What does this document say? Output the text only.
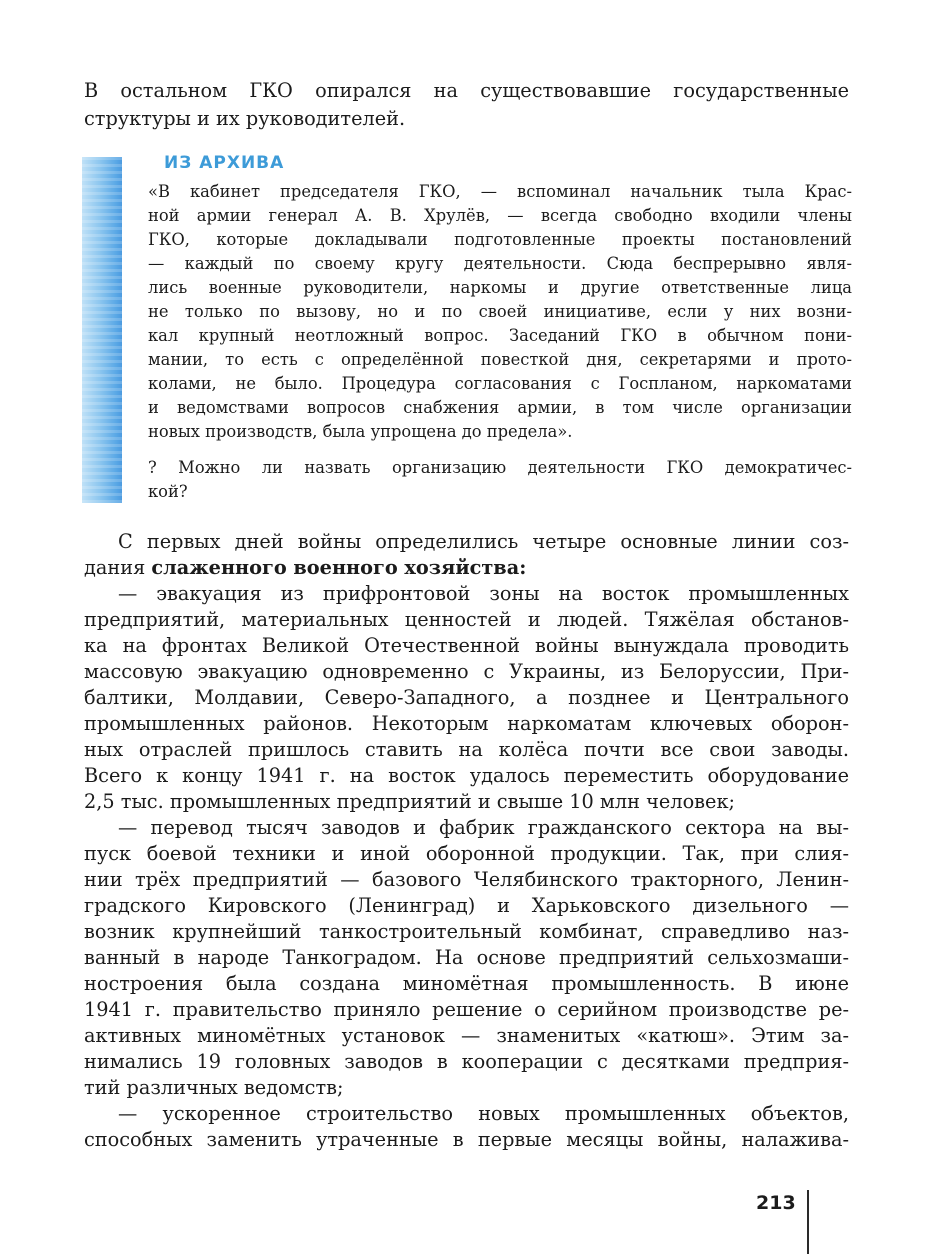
В остальном ГКО опирался на существовавшие государственные
структуры и их руководителей.
ИЗ АРХИВА
«В кабинет председателя ГКО, — вспоминал начальник тыла Крас-
ной армии генерал А. В. Хрулёв, — всегда свободно входили члены
ГКО, которые докладывали подготовленные проекты постановлений
— каждый по своему кругу деятельности. Сюда беспрерывно явля-
лись военные руководители, наркомы и другие ответственные лица
не только по вызову, но и по своей инициативе, если у них возни-
кал крупный неотложный вопрос. Заседаний ГКО в обычном пони-
мании, то есть с определённой повесткой дня, секретарями и прото-
колами, не было. Процедура согласования с Госпланом, наркоматами
и ведомствами вопросов снабжения армии, в том числе организации
новых производств, была упрощена до предела».
? Можно ли назвать организацию деятельности ГКО демократичес-
кой?
С первых дней войны определились четыре основные линии соз-
дания слаженного военного хозяйства:
— эвакуация из прифронтовой зоны на восток промышленных
предприятий, материальных ценностей и людей. Тяжёлая обстанов-
ка на фронтах Великой Отечественной войны вынуждала проводить
массовую эвакуацию одновременно с Украины, из Белоруссии, При-
балтики, Молдавии, Северо-Западного, а позднее и Центрального
промышленных районов. Некоторым наркоматам ключевых оборон-
ных отраслей пришлось ставить на колёса почти все свои заводы.
Всего к концу 1941 г. на восток удалось переместить оборудование
2,5 тыс. промышленных предприятий и свыше 10 млн человек;
— перевод тысяч заводов и фабрик гражданского сектора на вы-
пуск боевой техники и иной оборонной продукции. Так, при слия-
нии трёх предприятий — базового Челябинского тракторного, Ленин-
градского Кировского (Ленинград) и Харьковского дизельного —
возник крупнейший танкостроительный комбинат, справедливо наз-
ванный в народе Танкоградом. На основе предприятий сельхозмаши-
ностроения была создана миномётная промышленность. В июне
1941 г. правительство приняло решение о серийном производстве ре-
активных миномётных установок — знаменитых «катюш». Этим за-
нимались 19 головных заводов в кооперации с десятками предприя-
тий различных ведомств;
— ускоренное строительство новых промышленных объектов,
способных заменить утраченные в первые месяцы войны, налажива-
213
